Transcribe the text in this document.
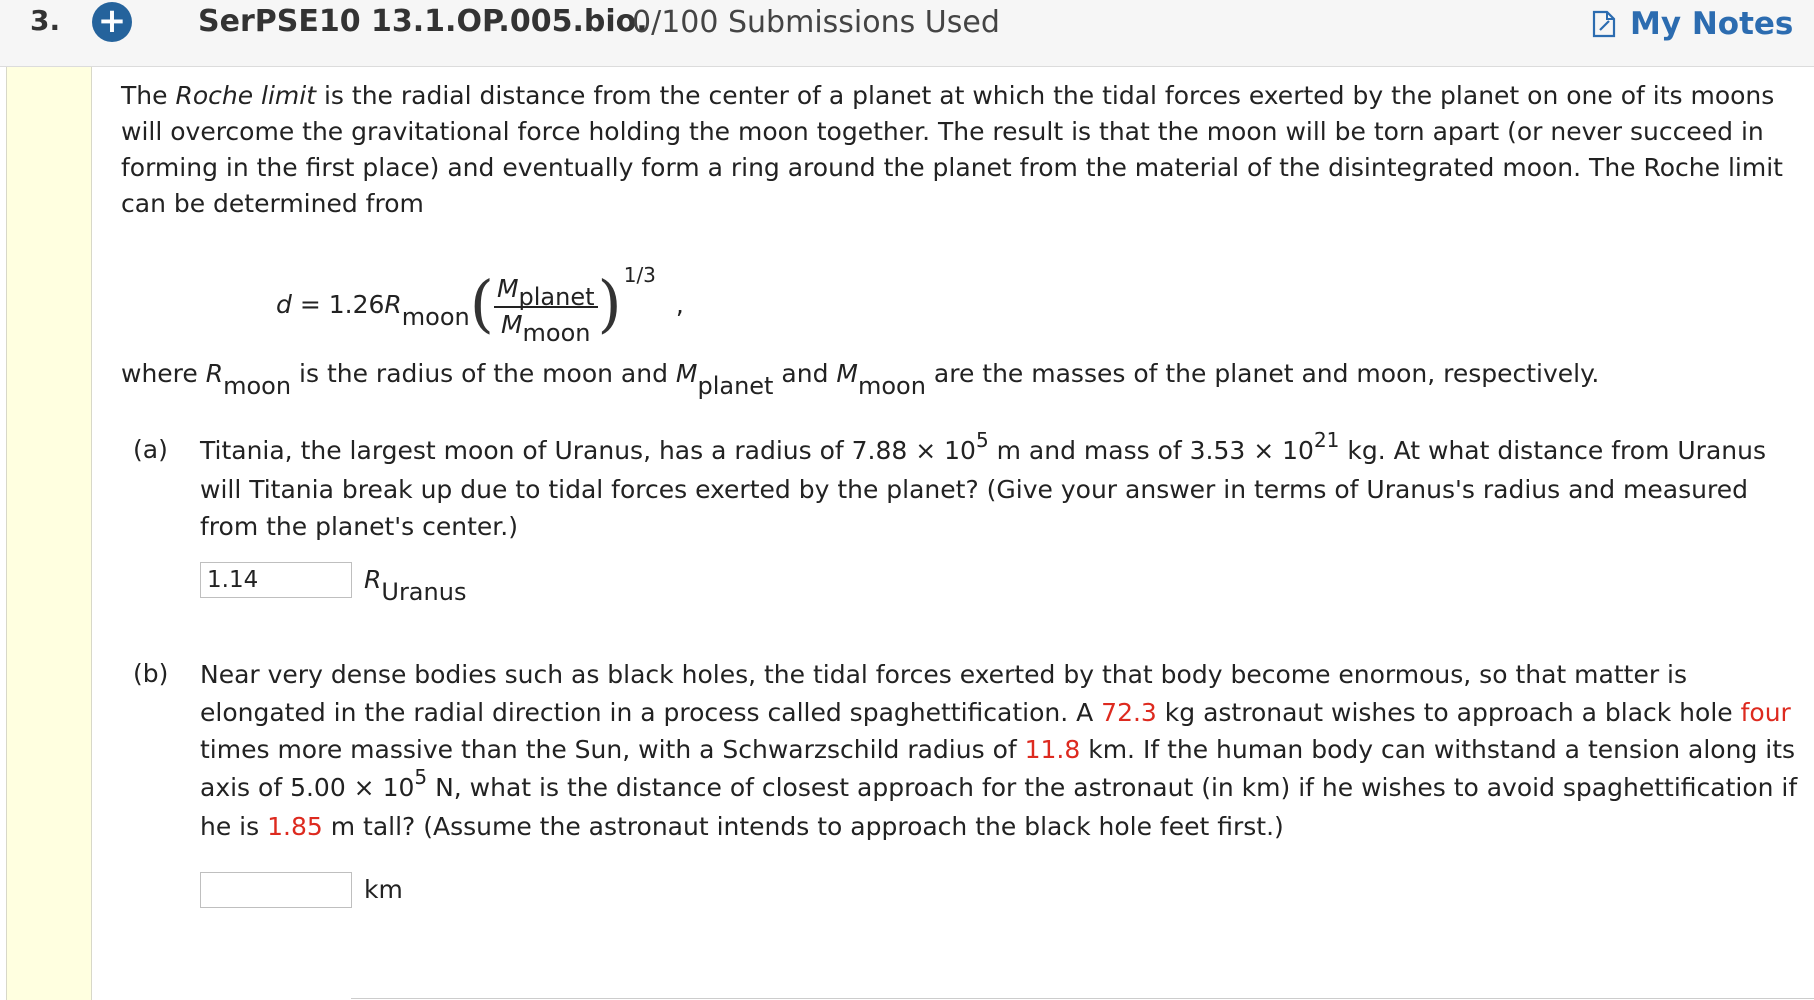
3. + SerPSE10 13.1.OP.005.bio.
0/100 Submissions Used	My Notes

The Roche limit is the radial distance from the center of a planet at which the tidal forces exerted by the planet on one of its moons will overcome the gravitational force holding the moon together. The result is that the moon will be torn apart (or never succeed in forming in the first place) and eventually form a ring around the planet from the material of the disintegrated moon. The Roche limit can be determined from

d = 1.26 R moon ( $\frac{\text{Mplanet}}{\text{Mmoon}}$ ) 1/3
,
where Rmoon is the radius of the moon and Mplanet and Mmoon are the masses of the planet and moon, respectively.
(a) Titania, the largest moon of Uranus, has a radius of $7.88 \times 10^5$ m and mass of $3.53 \times 10^{21}$ kg. At what distance from Uranus will Titania break up due to tidal forces exerted by the planet? (Give your answer in terms of Uranus's radius and measured from the planet's center.)
1.14
RUranus
(b) Near very dense bodies such as black holes, the tidal forces exerted by that body become enormous, so that matter is elongated in the radial direction in a process called spaghettification. A 72.3 kg astronaut wishes to approach a black hole four times more massive than the Sun, with a Schwarzschild radius of 11.8 km. If the human body can withstand a tension along its axis of $5.00 \times 10^5$ N, what is the distance of closest approach for the astronaut (in km) if he wishes to avoid spaghettification if he is 1.85 m tall? (Assume the astronaut intends to approach the black hole feet first.)
km
